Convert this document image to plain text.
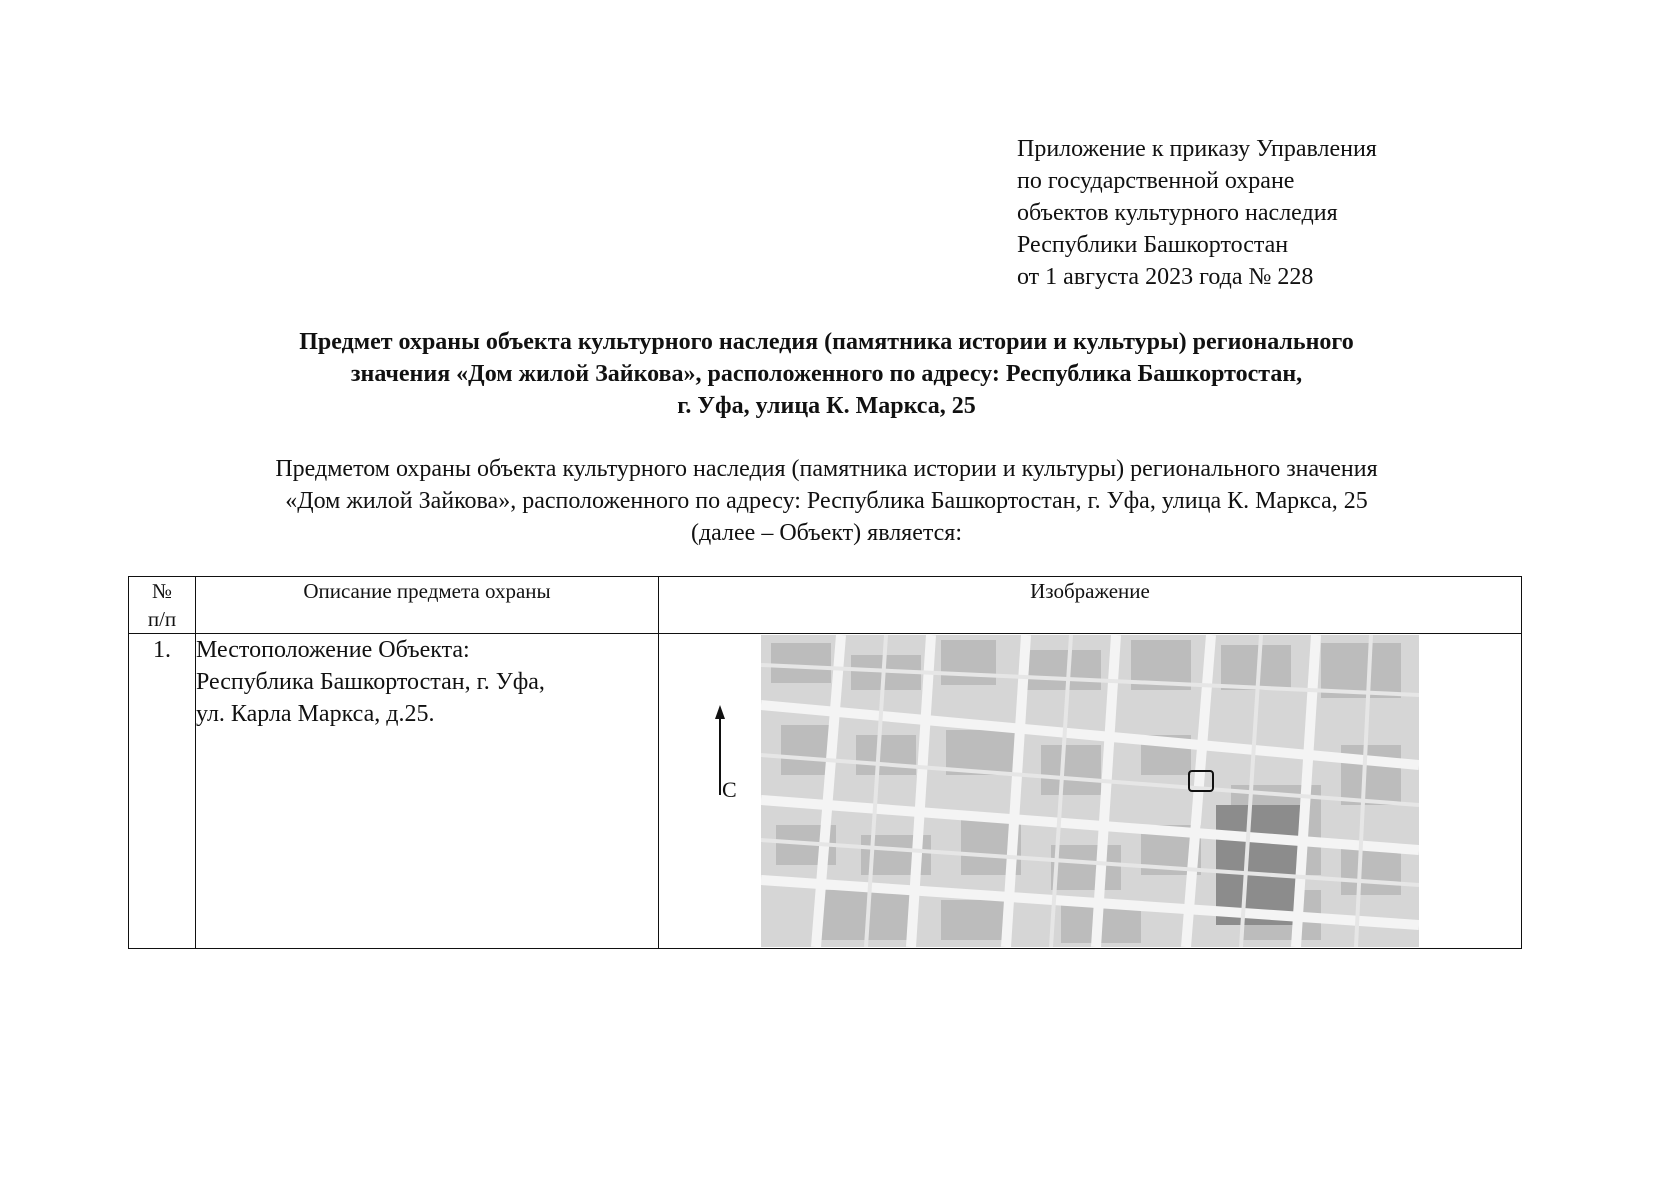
Приложение к приказу Управления
по государственной охране
объектов культурного наследия
Республики Башкортостан
от 1 августа 2023 года № 228
Предмет охраны объекта культурного наследия (памятника истории и культуры) регионального
значения «Дом жилой Зайкова», расположенного по адресу: Республика Башкортостан,
г. Уфа, улица К. Маркса, 25
Предметом охраны объекта культурного наследия (памятника истории и культуры) регионального значения
«Дом жилой Зайкова», расположенного по адресу: Республика Башкортостан, г. Уфа, улица К. Маркса, 25
(далее – Объект) является:
№
п/п	Описание предмета охраны	Изображение
1.	Местоположение Объекта:
Республика Башкортостан, г. Уфа,
ул. Карла Маркса, д.25.	С
